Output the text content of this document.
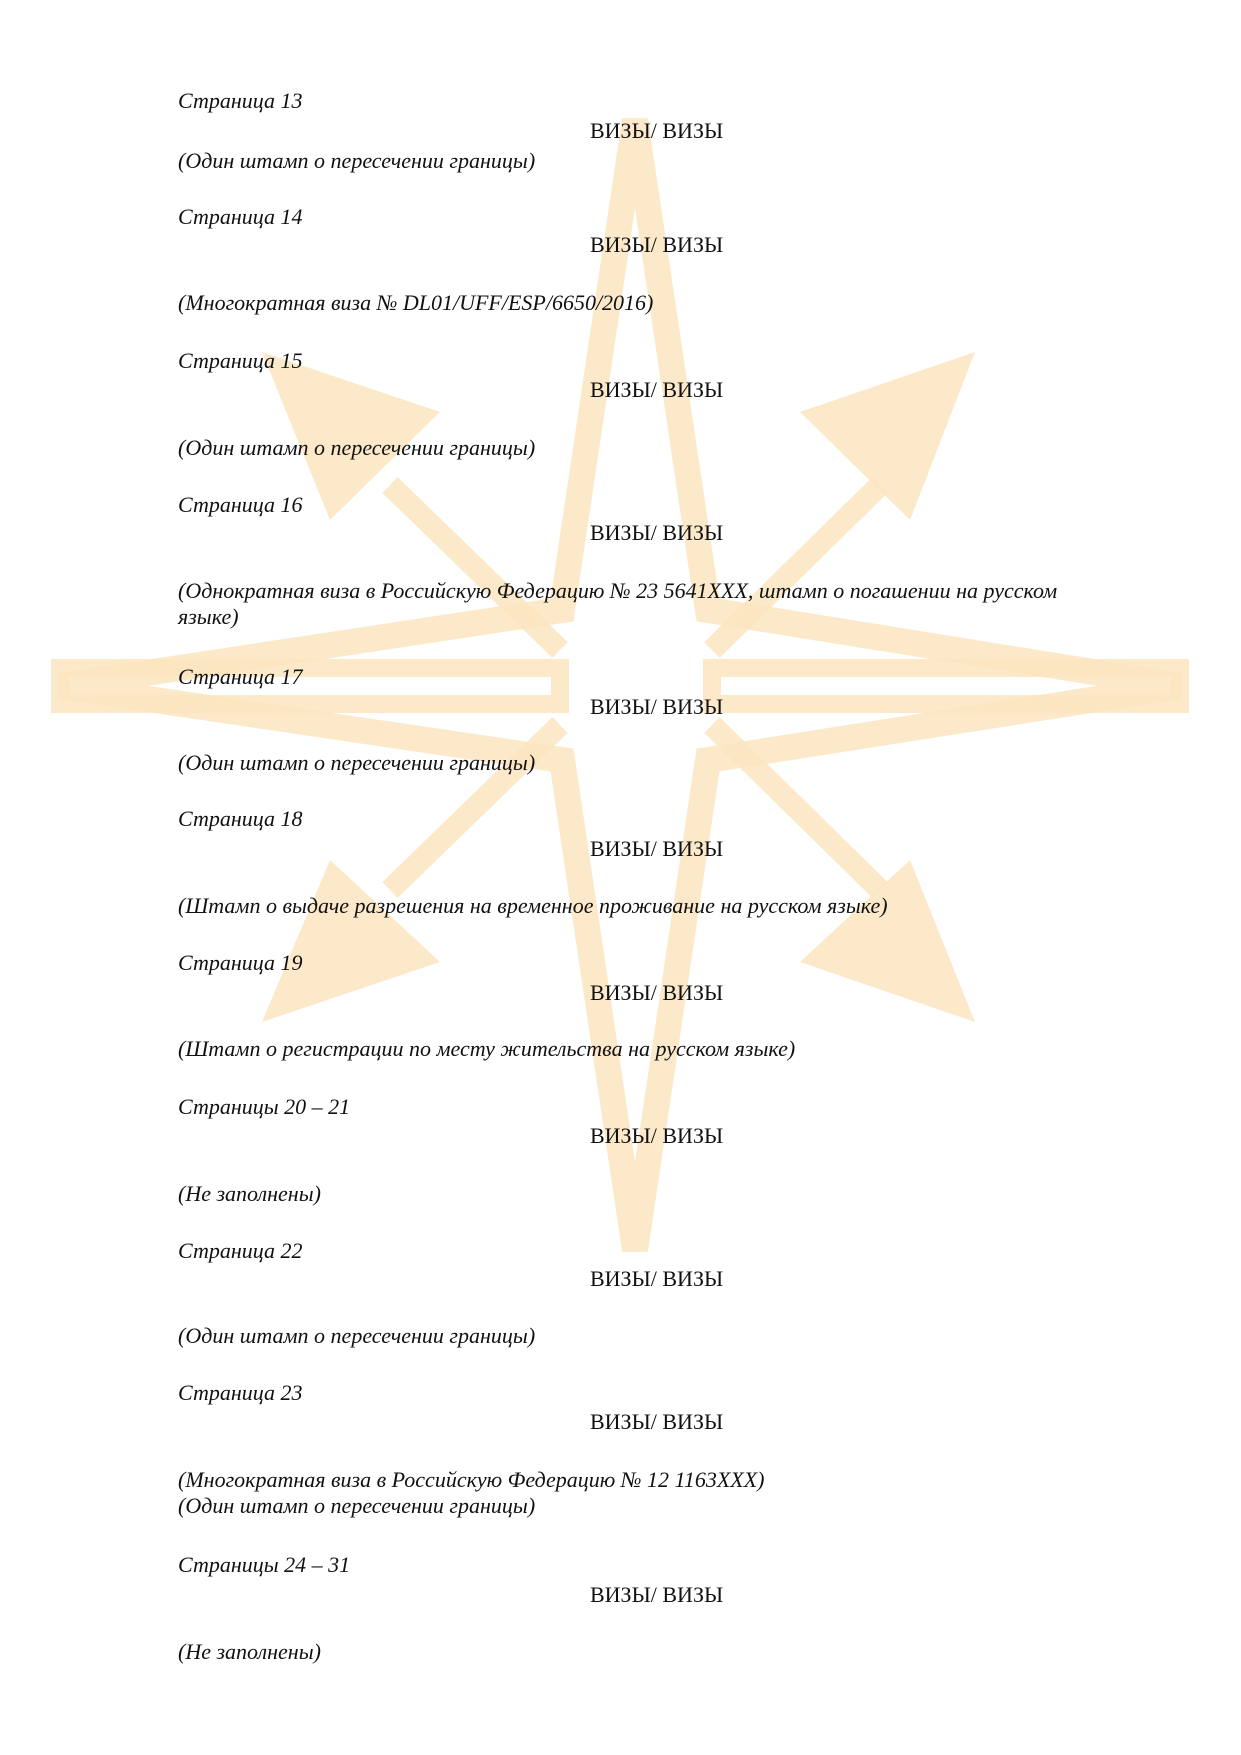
Страница 13
ВИЗЫ/ ВИЗЫ
(Один штамп о пересечении границы)
Страница 14
ВИЗЫ/ ВИЗЫ
(Многократная виза № DL01/UFF/ESP/6650/2016)
Страница 15
ВИЗЫ/ ВИЗЫ
(Один штамп о пересечении границы)
Страница 16
ВИЗЫ/ ВИЗЫ
(Однократная виза в Российскую Федерацию № 23 5641XXX, штамп о погашении на русском языке)
Страница 17
ВИЗЫ/ ВИЗЫ
(Один штамп о пересечении границы)
Страница 18
ВИЗЫ/ ВИЗЫ
(Штамп о выдаче разрешения на временное проживание на русском языке)
Страница 19
ВИЗЫ/ ВИЗЫ
(Штамп о регистрации по месту жительства на русском языке)
Страницы 20 – 21
ВИЗЫ/ ВИЗЫ
(Не заполнены)
Страница 22
ВИЗЫ/ ВИЗЫ
(Один штамп о пересечении границы)
Страница 23
ВИЗЫ/ ВИЗЫ
(Многократная виза в Российскую Федерацию № 12 1163XXX)
(Один штамп о пересечении границы)
Страницы 24 – 31
ВИЗЫ/ ВИЗЫ
(Не заполнены)
